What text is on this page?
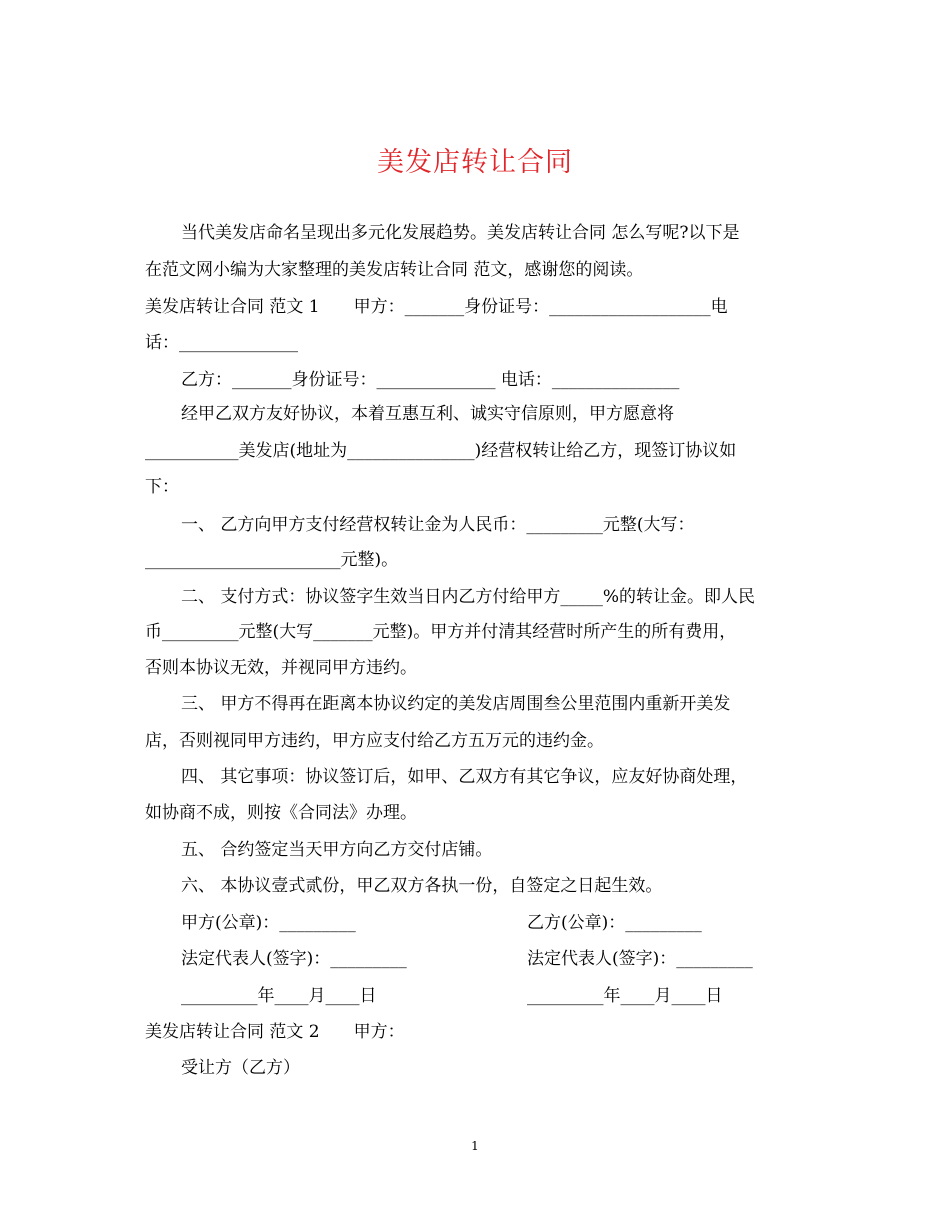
美发店转让合同
当代美发店命名呈现出多元化发展趋势。美发店转让合同 怎么写呢?以下是
在范文网小编为大家整理的美发店转让合同 范文，感谢您的阅读。
美发店转让合同 范文 1　　甲方：_______身份证号：___________________电
话：______________
乙方：_______身份证号：______________ 电话：_______________
经甲乙双方友好协议，本着互惠互利、诚实守信原则，甲方愿意将
___________美发店(地址为_______________)经营权转让给乙方，现签订协议如
下：
一、 乙方向甲方支付经营权转让金为人民币：_________元整(大写：
_______________________元整)。
二、 支付方式：协议签字生效当日内乙方付给甲方_____%的转让金。即人民
币_________元整(大写_______元整)。甲方并付清其经营时所产生的所有费用，
否则本协议无效，并视同甲方违约。
三、 甲方不得再在距离本协议约定的美发店周围叁公里范围内重新开美发
店，否则视同甲方违约，甲方应支付给乙方五万元的违约金。
四、 其它事项：协议签订后，如甲、乙双方有其它争议，应友好协商处理，
如协商不成，则按《合同法》办理。
五、 合约签定当天甲方向乙方交付店铺。
六、 本协议壹式贰份，甲乙双方各执一份，自签定之日起生效。
甲方(公章)：_________	乙方(公章)：_________
法定代表人(签字)：_________	法定代表人(签字)：_________
_________年____月____日	_________年____月____日
美发店转让合同 范文 2　　甲方：
受让方（乙方）
1
